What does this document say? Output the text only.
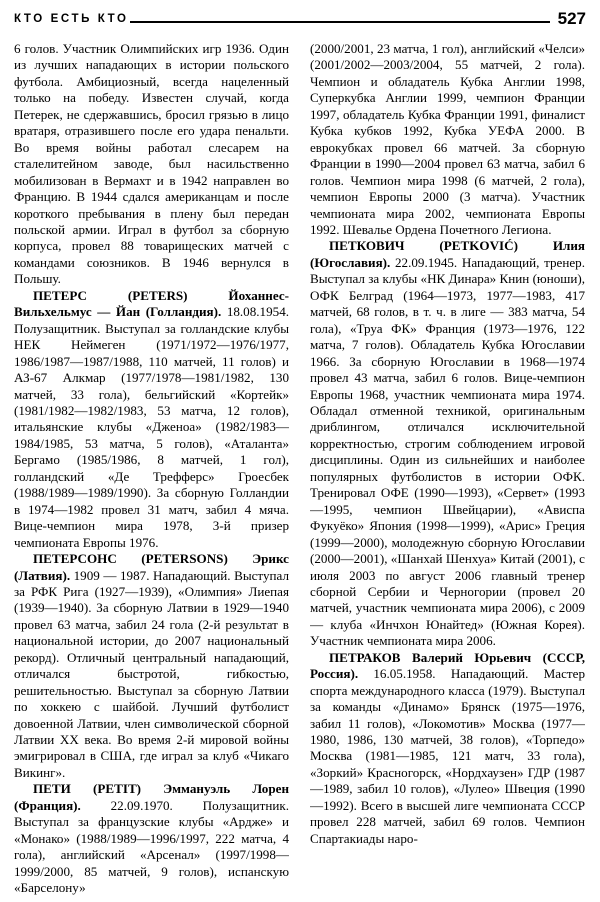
КТО ЕСТЬ КТО	527

6 голов. Участник Олимпийских игр 1936. Один из лучших нападающих в истории польского футбола. Амбициозный, всегда нацеленный только на победу. Известен случай, когда Петерек, не сдержавшись, бросил грязью в лицо вратаря, отразившего после его удара пенальти. Во время войны работал слесарем на сталелитейном заводе, был насильственно мобилизован в Вермахт и в 1942 направлен во Францию. В 1944 сдался американцам и после короткого пребывания в плену был передан польской армии. Играл в футбол за сборную корпуса, провел 88 товарищеских матчей с командами союзников. В 1946 вернулся в Польшу.

ПЕТЕРС (PETERS) Йоханнес-Вильхельмус — Йан (Голландия). 18.08.1954. Полузащитник. Выступал за голландские клубы НЕК Неймеген (1971/1972—1976/1977, 1986/1987—1987/1988, 110 матчей, 11 голов) и АЗ-67 Алкмар (1977/1978—1981/1982, 130 матчей, 33 гола), бельгийский «Кортейк» (1981/1982—1982/1983, 53 матча, 12 голов), итальянские клубы «Дженоа» (1982/1983—1984/1985, 53 матча, 5 голов), «Аталанта» Бергамо (1985/1986, 8 матчей, 1 гол), голландский «Де Трефферс» Гроесбек (1988/1989—1989/1990). За сборную Голландии в 1974—1982 провел 31 матч, забил 4 мяча. Вице-чемпион мира 1978, 3-й призер чемпионата Европы 1976.

ПЕТЕРСОНС (PETERSONS) Эрикс (Латвия). 1909 — 1987. Нападающий. Выступал за РФК Рига (1927—1939), «Олимпия» Лиепая (1939—1940). За сборную Латвии в 1929—1940 провел 63 матча, забил 24 гола (2-й результат в национальной истории, до 2007 национальный рекорд). Отличный центральный нападающий, отличался быстротой, гибкостью, решительностью. Выступал за сборную Латвии по хоккею с шайбой. Лучший футболист довоенной Латвии, член символической сборной Латвии XX века. Во время 2-й мировой войны эмигрировал в США, где играл за клуб «Чикаго Викинг».

ПЕТИ (PETIT) Эммануэль Лорен (Франция). 22.09.1970. Полузащитник. Выступал за французские клубы «Ардже» и «Монако» (1988/1989—1996/1997, 222 матча, 4 гола), английский «Арсенал» (1997/1998—1999/2000, 85 матчей, 9 голов), испанскую «Барселону»

(2000/2001, 23 матча, 1 гол), английский «Челси» (2001/2002—2003/2004, 55 матчей, 2 гола). Чемпион и обладатель Кубка Англии 1998, Суперкубка Англии 1999, чемпион Франции 1997, обладатель Кубка Франции 1991, финалист Кубка кубков 1992, Кубка УЕФА 2000. В еврокубках провел 66 матчей. За сборную Франции в 1990—2004 провел 63 матча, забил 6 голов. Чемпион мира 1998 (6 матчей, 2 гола), чемпион Европы 2000 (3 матча). Участник чемпионата мира 2002, чемпионата Европы 1992. Шевалье Ордена Почетного Легиона.

ПЕТКОВИЧ (PETKOVIĆ) Илия (Югославия). 22.09.1945. Нападающий, тренер. Выступал за клубы «НК Динара» Книн (юноши), ОФК Белград (1964—1973, 1977—1983, 417 матчей, 68 голов, в т. ч. в лиге — 383 матча, 54 гола), «Труа ФК» Франция (1973—1976, 122 матча, 7 голов). Обладатель Кубка Югославии 1966. За сборную Югославии в 1968—1974 провел 43 матча, забил 6 голов. Вице-чемпион Европы 1968, участник чемпионата мира 1974. Обладал отменной техникой, оригинальным дриблингом, отличался исключительной корректностью, строгим соблюдением игровой дисциплины. Один из сильнейших и наиболее популярных футболистов в истории ОФК. Тренировал ОФЕ (1990—1993), «Сервет» (1993—1995, чемпион Швейцарии), «Ависпа Фукуёко» Япония (1998—1999), «Арис» Греция (1999—2000), молодежную сборную Югославии (2000—2001), «Шанхай Шенхуа» Китай (2001), с июля 2003 по август 2006 главный тренер сборной Сербии и Черногории (провел 20 матчей, участник чемпионата мира 2006), с 2009 — клуба «Инчхон Юнайтед» (Южная Корея). Участник чемпионата мира 2006.

ПЕТРАКОВ Валерий Юрьевич (СССР, Россия). 16.05.1958. Нападающий. Мастер спорта международного класса (1979). Выступал за команды «Динамо» Брянск (1975—1976, забил 11 голов), «Локомотив» Москва (1977—1980, 1986, 130 матчей, 38 голов), «Торпедо» Москва (1981—1985, 121 матч, 33 гола), «Зоркий» Красногорск, «Нордхаузен» ГДР (1987—1989, забил 10 голов), «Лулео» Швеция (1990—1992). Всего в высшей лиге чемпионата СССР провел 228 матчей, забил 69 голов. Чемпион Спартакиады наро-
